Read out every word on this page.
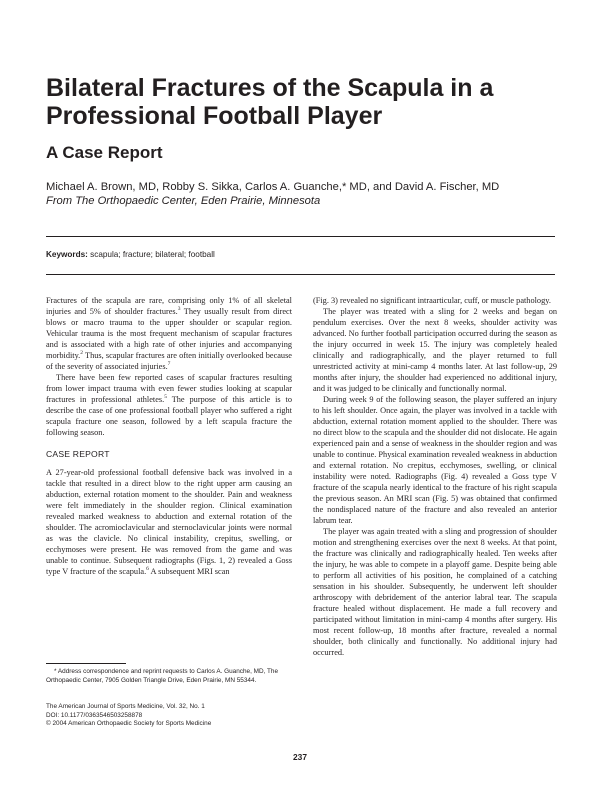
Bilateral Fractures of the Scapula in a Professional Football Player
A Case Report
Michael A. Brown, MD, Robby S. Sikka, Carlos A. Guanche,* MD, and David A. Fischer, MD
From The Orthopaedic Center, Eden Prairie, Minnesota
Keywords: scapula; fracture; bilateral; football

Fractures of the scapula are rare, comprising only 1% of all skeletal injuries and 5% of shoulder fractures.$^3$ They usually result from direct blows or macro trauma to the upper shoulder or scapular region. Vehicular trauma is the most frequent mechanism of scapular fractures and is associated with a high rate of other injuries and accompanying morbidity.$^2$ Thus, scapular fractures are often initially overlooked because of the severity of associated injuries.$^7$

There have been few reported cases of scapular fractures resulting from lower impact trauma with even fewer studies looking at scapular fractures in professional athletes.$^5$ The purpose of this article is to describe the case of one professional football player who suffered a right scapula fracture one season, followed by a left scapula fracture the following season.

CASE REPORT

A 27-year-old professional football defensive back was involved in a tackle that resulted in a direct blow to the right upper arm causing an abduction, external rotation moment to the shoulder. Pain and weakness were felt immediately in the shoulder region. Clinical examination revealed marked weakness to abduction and external rotation of the shoulder. The acromioclavicular and sternoclavicular joints were normal as was the clavicle. No clinical instability, crepitus, swelling, or ecchymoses were present. He was removed from the game and was unable to continue. Subsequent radiographs (Figs. 1, 2) revealed a Goss type V fracture of the scapula.$^6$ A subsequent MRI scan

(Fig. 3) revealed no significant intraarticular, cuff, or muscle pathology.

The player was treated with a sling for 2 weeks and began on pendulum exercises. Over the next 8 weeks, shoulder activity was advanced. No further football participation occurred during the season as the injury occurred in week 15. The injury was completely healed clinically and radiographically, and the player returned to full unrestricted activity at mini-camp 4 months later. At last follow-up, 29 months after injury, the shoulder had experienced no additional injury, and it was judged to be clinically and functionally normal.

During week 9 of the following season, the player suffered an injury to his left shoulder. Once again, the player was involved in a tackle with abduction, external rotation moment applied to the shoulder. There was no direct blow to the scapula and the shoulder did not dislocate. He again experienced pain and a sense of weakness in the shoulder region and was unable to continue. Physical examination revealed weakness in abduction and external rotation. No crepitus, ecchymoses, swelling, or clinical instability were noted. Radiographs (Fig. 4) revealed a Goss type V fracture of the scapula nearly identical to the fracture of his right scapula the previous season. An MRI scan (Fig. 5) was obtained that confirmed the nondisplaced nature of the fracture and also revealed an anterior labrum tear.

The player was again treated with a sling and progression of shoulder motion and strengthening exercises over the next 8 weeks. At that point, the fracture was clinically and radiographically healed. Ten weeks after the injury, he was able to compete in a playoff game. Despite being able to perform all activities of his position, he complained of a catching sensation in his shoulder. Subsequently, he underwent left shoulder arthroscopy with debridement of the anterior labral tear. The scapula fracture healed without displacement. He made a full recovery and participated without limitation in mini-camp 4 months after surgery. His most recent follow-up, 18 months after fracture, revealed a normal shoulder, both clinically and functionally. No additional injury had occurred.

* Address correspondence and reprint requests to Carlos A. Guanche, MD, The Orthopaedic Center, 7905 Golden Triangle Drive, Eden Prairie, MN 55344.

The American Journal of Sports Medicine, Vol. 32, No. 1
DOI: 10.1177/0363546503258878
© 2004 American Orthopaedic Society for Sports Medicine
237
